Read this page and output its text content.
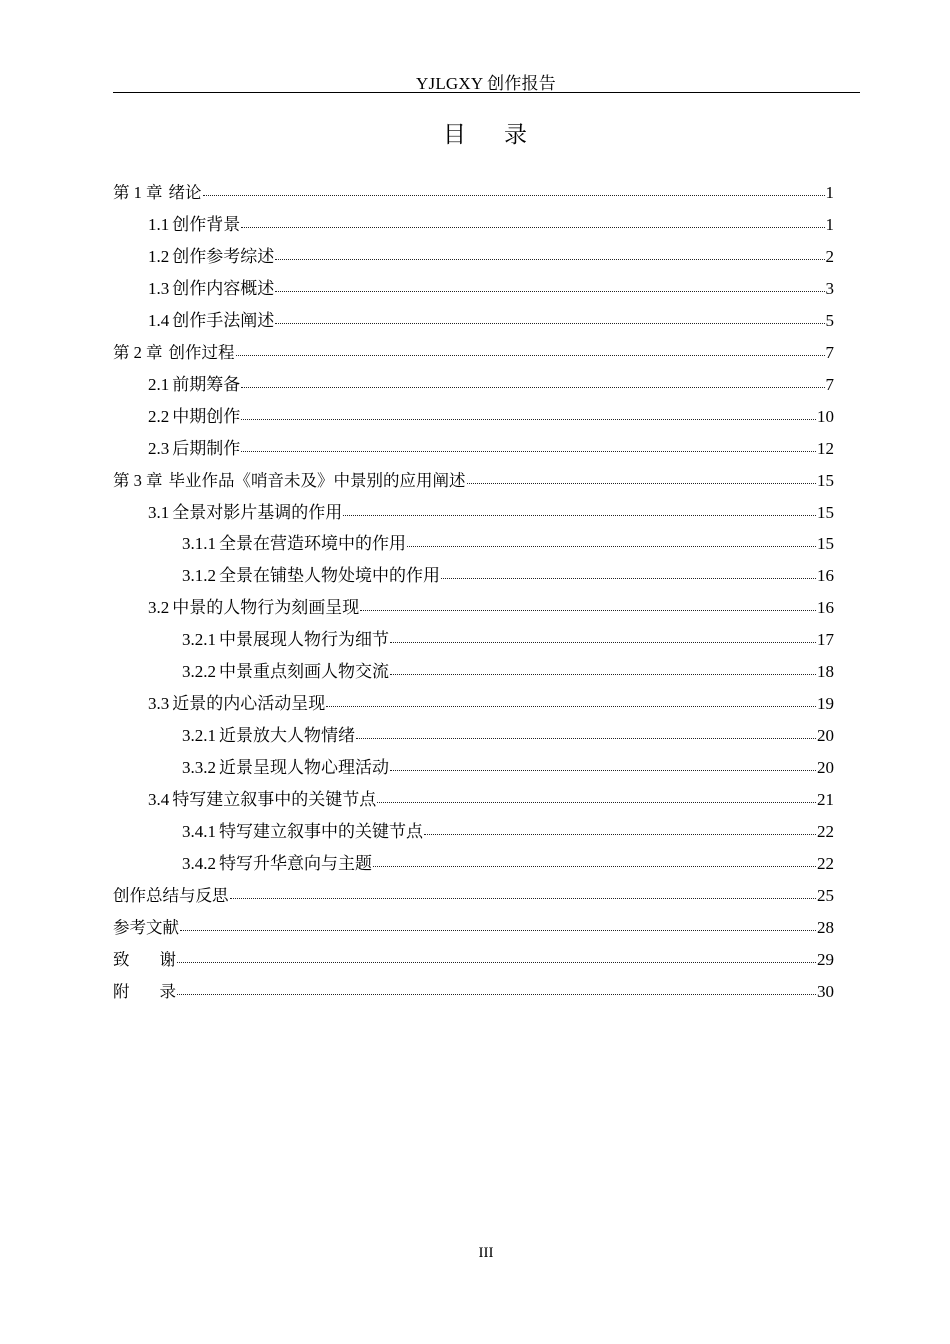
YJLGXY 创作报告
目 录
第 1 章 绪论	1
1.1 创作背景	1
1.2 创作参考综述	2
1.3 创作内容概述	3
1.4 创作手法阐述	5
第 2 章 创作过程	7
2.1 前期筹备	7
2.2 中期创作	10
2.3 后期制作	12
第 3 章 毕业作品《哨音未及》中景别的应用阐述	15
3.1 全景对影片基调的作用	15
3.1.1 全景在营造环境中的作用	15
3.1.2 全景在铺垫人物处境中的作用	16
3.2 中景的人物行为刻画呈现	16
3.2.1 中景展现人物行为细节	17
3.2.2 中景重点刻画人物交流	18
3.3 近景的内心活动呈现	19
3.2.1 近景放大人物情绪	20
3.3.2 近景呈现人物心理活动	20
3.4 特写建立叙事中的关键节点	21
3.4.1 特写建立叙事中的关键节点	22
3.4.2 特写升华意向与主题	22
创作总结与反思	25
参考文献	28
致 谢	29
附 录	30
III
